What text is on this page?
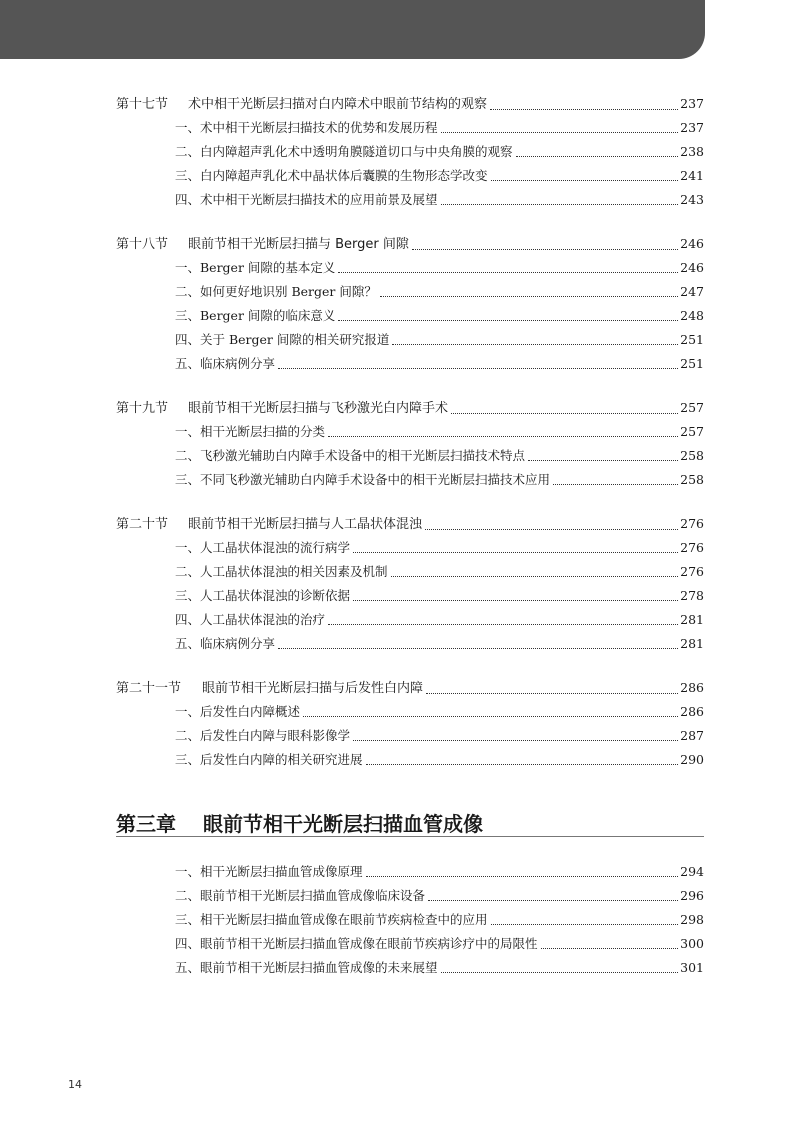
第十七节	术中相干光断层扫描对白内障术中眼前节结构的观察	237
一、术中相干光断层扫描技术的优势和发展历程	237
二、白内障超声乳化术中透明角膜隧道切口与中央角膜的观察	238
三、白内障超声乳化术中晶状体后囊膜的生物形态学改变	241
四、术中相干光断层扫描技术的应用前景及展望	243
第十八节	眼前节相干光断层扫描与 Berger 间隙	246
一、Berger 间隙的基本定义	246
二、如何更好地识别 Berger 间隙？	247
三、Berger 间隙的临床意义	248
四、关于 Berger 间隙的相关研究报道	251
五、临床病例分享	251
第十九节	眼前节相干光断层扫描与飞秒激光白内障手术	257
一、相干光断层扫描的分类	257
二、飞秒激光辅助白内障手术设备中的相干光断层扫描技术特点	258
三、不同飞秒激光辅助白内障手术设备中的相干光断层扫描技术应用	258
第二十节	眼前节相干光断层扫描与人工晶状体混浊	276
一、人工晶状体混浊的流行病学	276
二、人工晶状体混浊的相关因素及机制	276
三、人工晶状体混浊的诊断依据	278
四、人工晶状体混浊的治疗	281
五、临床病例分享	281
第二十一节	眼前节相干光断层扫描与后发性白内障	286
一、后发性白内障概述	286
二、后发性白内障与眼科影像学	287
三、后发性白内障的相关研究进展	290
第三章 眼前节相干光断层扫描血管成像
一、相干光断层扫描血管成像原理	294
二、眼前节相干光断层扫描血管成像临床设备	296
三、相干光断层扫描血管成像在眼前节疾病检查中的应用	298
四、眼前节相干光断层扫描血管成像在眼前节疾病诊疗中的局限性	300
五、眼前节相干光断层扫描血管成像的未来展望	301
14
